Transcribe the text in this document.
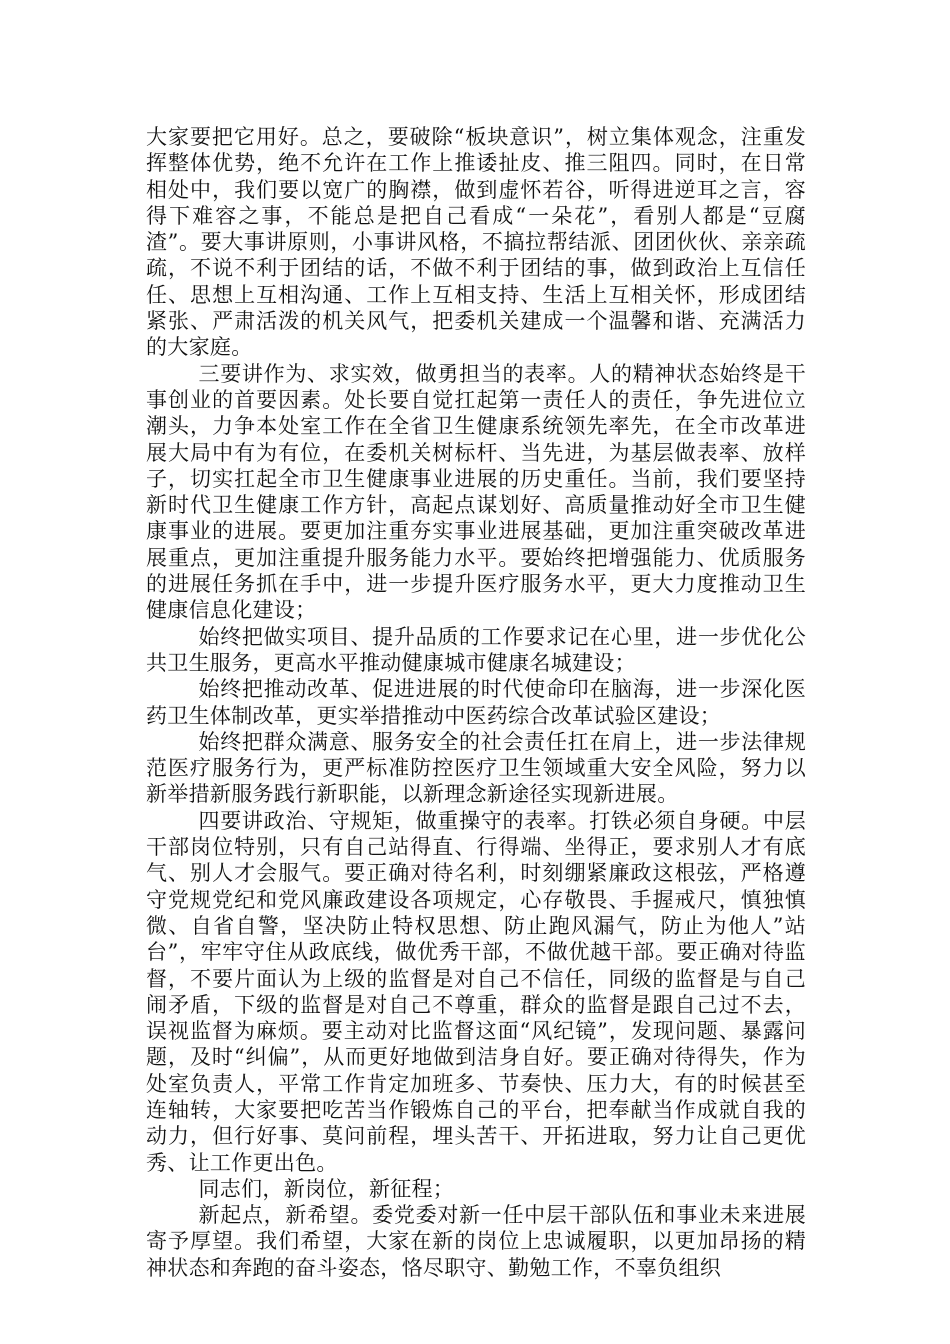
大家要把它用好。总之，要破除“板块意识”，树立集体观念，注重发挥整体优势，绝不允许在工作上推诿扯皮、推三阻四。同时，在日常相处中，我们要以宽广的胸襟，做到虚怀若谷，听得进逆耳之言，容得下难容之事，不能总是把自己看成“一朵花”，看别人都是“豆腐渣”。要大事讲原则，小事讲风格，不搞拉帮结派、团团伙伙、亲亲疏疏，不说不利于团结的话，不做不利于团结的事，做到政治上互信任任、思想上互相沟通、工作上互相支持、生活上互相关怀，形成团结紧张、严肃活泼的机关风气，把委机关建成一个温馨和谐、充满活力的大家庭。

三要讲作为、求实效，做勇担当的表率。人的精神状态始终是干事创业的首要因素。处长要自觉扛起第一责任人的责任，争先进位立潮头，力争本处室工作在全省卫生健康系统领先率先，在全市改革进展大局中有为有位，在委机关树标杆、当先进，为基层做表率、放样子，切实扛起全市卫生健康事业进展的历史重任。当前，我们要坚持新时代卫生健康工作方针，高起点谋划好、高质量推动好全市卫生健康事业的进展。要更加注重夯实事业进展基础，更加注重突破改革进展重点，更加注重提升服务能力水平。要始终把增强能力、优质服务的进展任务抓在手中，进一步提升医疗服务水平，更大力度推动卫生健康信息化建设；

始终把做实项目、提升品质的工作要求记在心里，进一步优化公共卫生服务，更高水平推动健康城市健康名城建设；

始终把推动改革、促进进展的时代使命印在脑海，进一步深化医药卫生体制改革，更实举措推动中医药综合改革试验区建设；

始终把群众满意、服务安全的社会责任扛在肩上，进一步法律规范医疗服务行为，更严标准防控医疗卫生领域重大安全风险，努力以新举措新服务践行新职能，以新理念新途径实现新进展。

四要讲政治、守规矩，做重操守的表率。打铁必须自身硬。中层干部岗位特别，只有自己站得直、行得端、坐得正，要求别人才有底气、别人才会服气。要正确对待名利，时刻绷紧廉政这根弦，严格遵守党规党纪和党风廉政建设各项规定，心存敬畏、手握戒尺，慎独慎微、自省自警，坚决防止特权思想、防止跑风漏气，防止为他人”站台”，牢牢守住从政底线，做优秀干部，不做优越干部。要正确对待监督，不要片面认为上级的监督是对自己不信任，同级的监督是与自己闹矛盾，下级的监督是对自己不尊重，群众的监督是跟自己过不去，误视监督为麻烦。要主动对比监督这面“风纪镜”，发现问题、暴露问题，及时“纠偏”，从而更好地做到洁身自好。要正确对待得失，作为处室负责人，平常工作肯定加班多、节奏快、压力大，有的时候甚至连轴转，大家要把吃苦当作锻炼自己的平台，把奉献当作成就自我的动力，但行好事、莫问前程，埋头苦干、开拓进取，努力让自己更优秀、让工作更出色。

同志们，新岗位，新征程；

新起点，新希望。委党委对新一任中层干部队伍和事业未来进展寄予厚望。我们希望，大家在新的岗位上忠诚履职，以更加昂扬的精神状态和奔跑的奋斗姿态，恪尽职守、勤勉工作，不辜负组织
